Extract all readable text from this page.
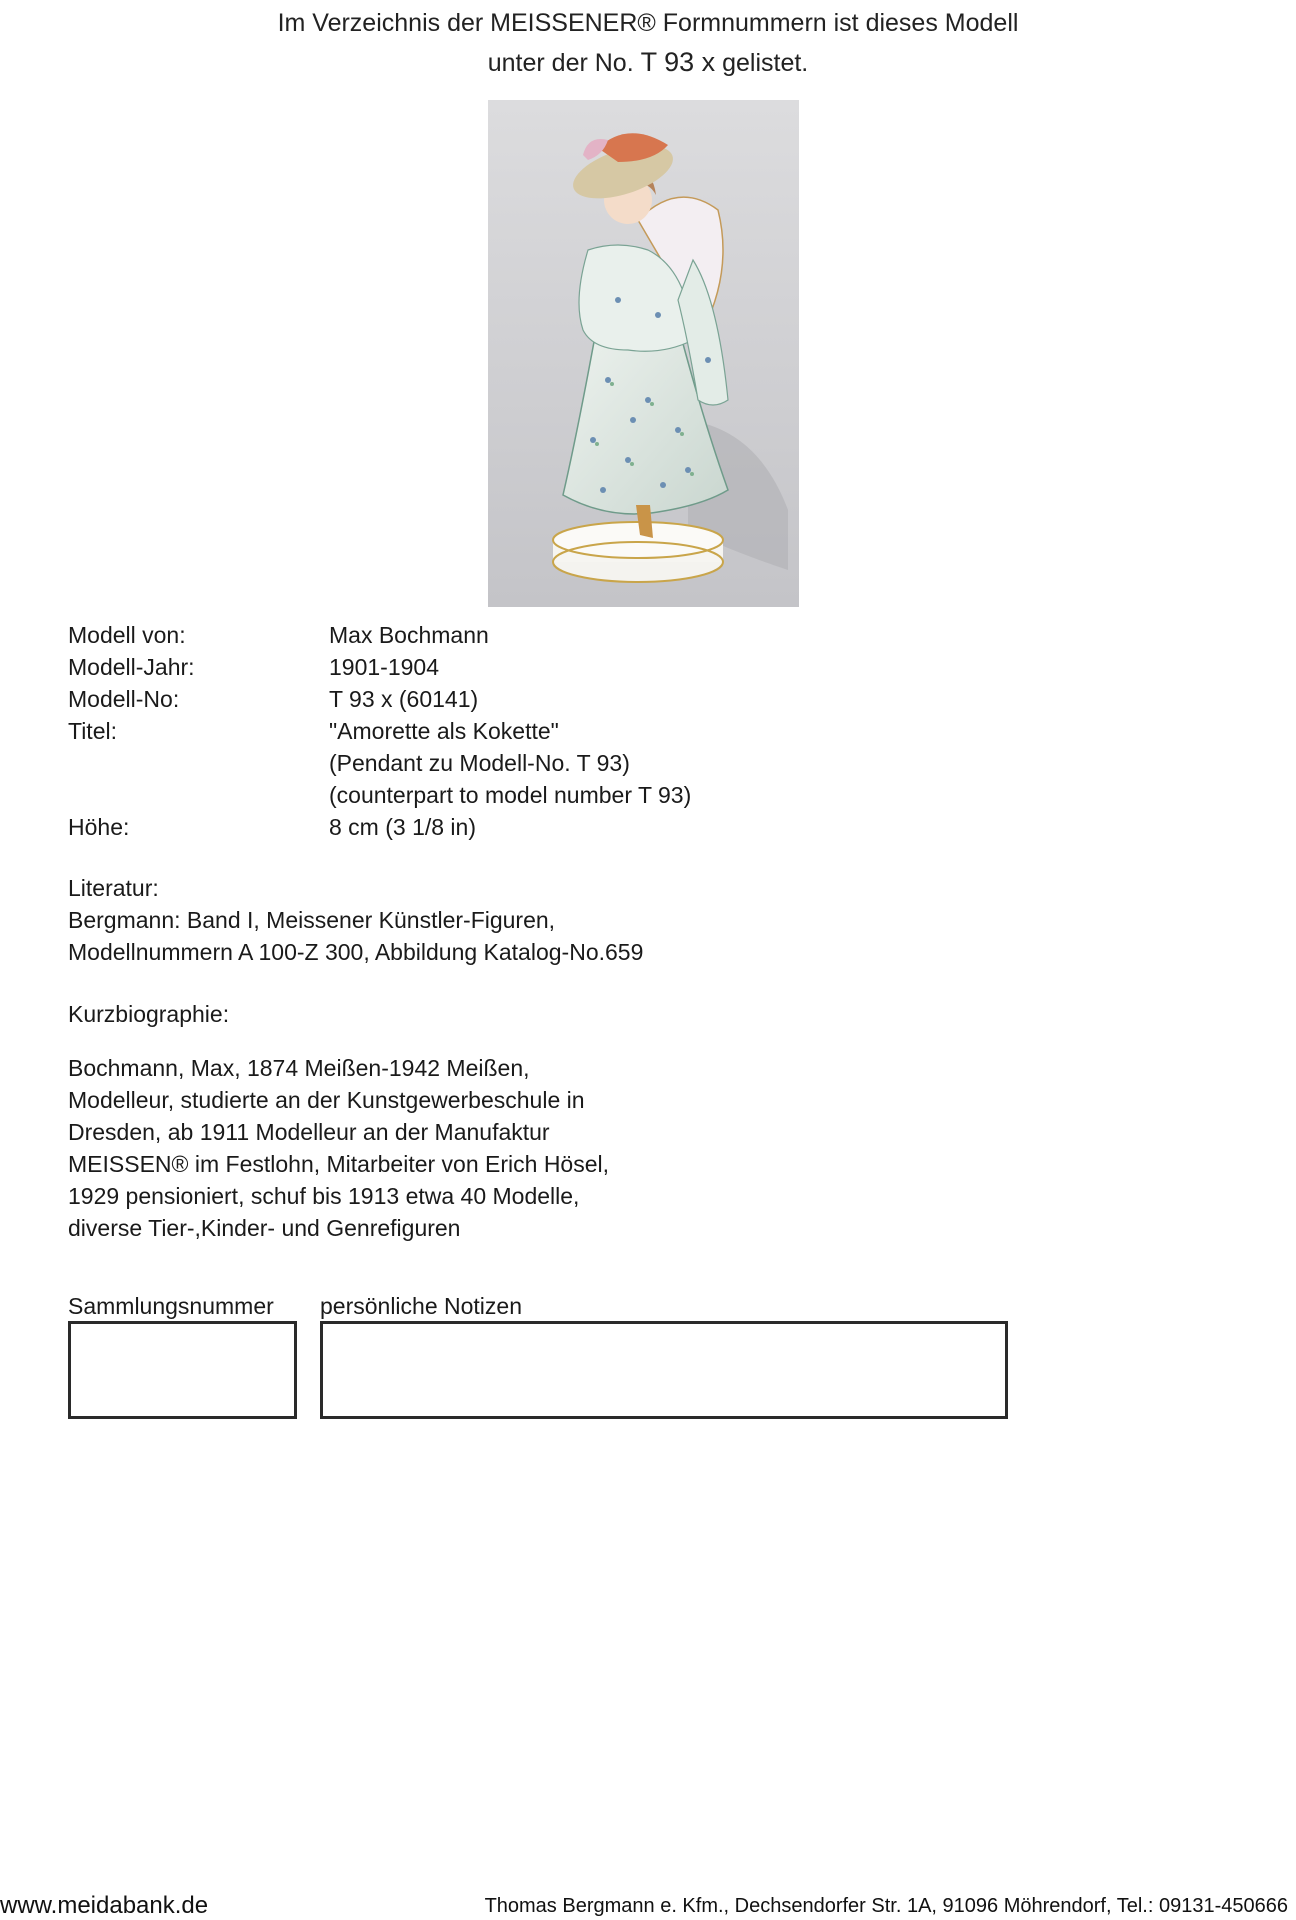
Im Verzeichnis der MEISSENER® Formnummern ist dieses Modell
unter der No. T 93 x gelistet.
Modell von:	Max Bochmann
Modell-Jahr:	1901-1904
Modell-No:	T 93 x (60141)
Titel:	"Amorette als Kokette"
(Pendant zu Modell-No. T 93)
(counterpart to model number T 93)
Höhe:	8 cm (3 1/8 in)
Literatur:
Bergmann: Band I, Meissener Künstler-Figuren,
Modellnummern A 100-Z 300, Abbildung Katalog-No.659
Kurzbiographie:
Bochmann, Max, 1874 Meißen-1942 Meißen,
Modelleur, studierte an der Kunstgewerbeschule in
Dresden, ab 1911 Modelleur an der Manufaktur
MEISSEN® im Festlohn, Mitarbeiter von Erich Hösel,
1929 pensioniert, schuf bis 1913 etwa 40 Modelle,
diverse Tier-,Kinder- und Genrefiguren
Sammlungsnummer persönliche Notizen
www.meidabank.de	Thomas Bergmann e. Kfm., Dechsendorfer Str. 1A, 91096 Möhrendorf, Tel.: 09131-450666
